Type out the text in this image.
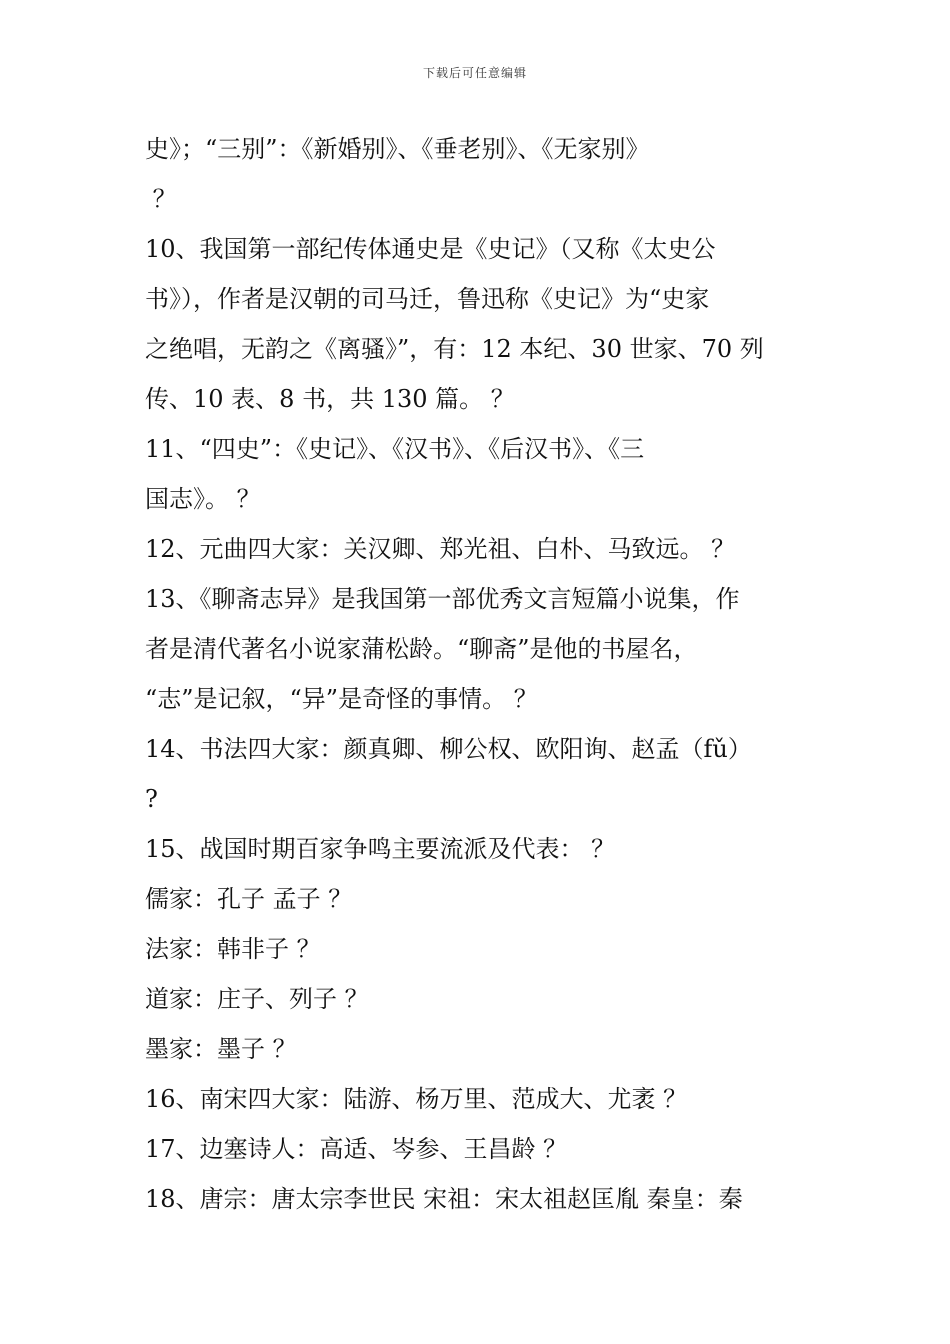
下载后可任意编辑
史》；“三别”：《新婚别》、《垂老别》、《无家别》
？
10、我国第一部纪传体通史是《史记》（又称《太史公
书》），作者是汉朝的司马迁，鲁迅称《史记》为“史家
之绝唱，无韵之《离骚》”，有：12 本纪、30 世家、70 列
传、10 表、8 书，共 130 篇。 ？
11、“四史”：《史记》、《汉书》、《后汉书》、《三
国志》。 ？
12、元曲四大家：关汉卿、郑光祖、白朴、马致远。 ？
13、《聊斋志异》是我国第一部优秀文言短篇小说集，作
者是清代著名小说家蒲松龄。“聊斋”是他的书屋名，
“志”是记叙，“异”是奇怪的事情。 ？
14、书法四大家：颜真卿、柳公权、欧阳询、赵孟（fǔ）
?
15、战国时期百家争鸣主要流派及代表： ？
儒家：孔子 孟子 ？
法家：韩非子 ？
道家：庄子、列子 ？
墨家：墨子 ？
16、南宋四大家：陆游、杨万里、范成大、尤袤 ？
17、边塞诗人：高适、岑参、王昌龄 ？
18、唐宗：唐太宗李世民 宋祖：宋太祖赵匡胤 秦皇：秦
